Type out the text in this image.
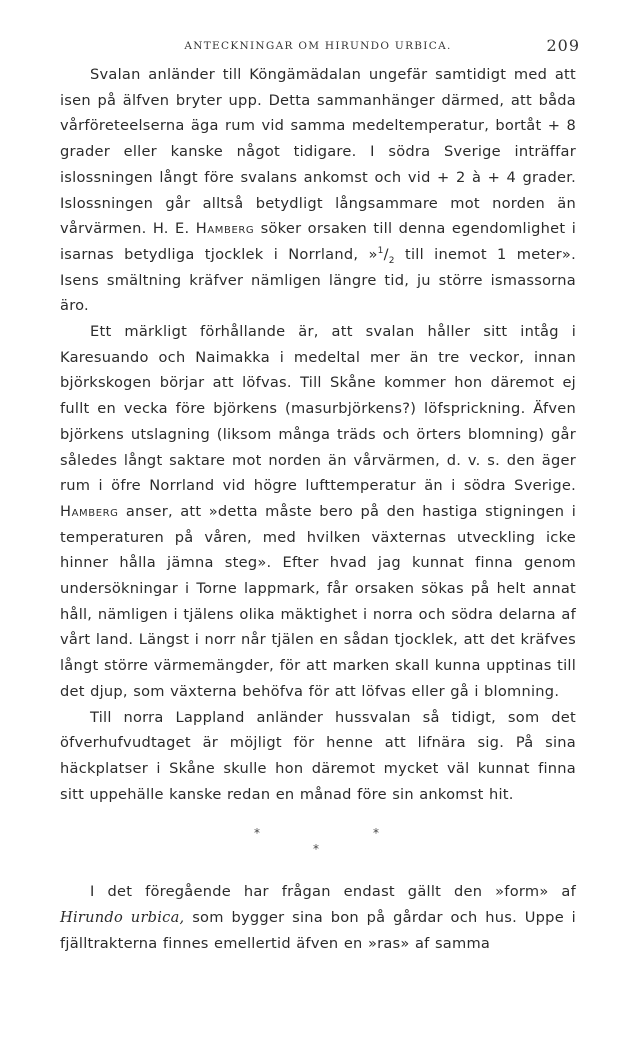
ANTECKNINGAR OM HIRUNDO URBICA.	209

Svalan anländer till Köngämädalan ungefär samtidigt med att isen på älfven bryter upp. Detta sammanhänger därmed, att båda vårföreteelserna äga rum vid samma medeltemperatur, bortåt + 8 grader eller kanske något tidigare. I södra Sverige inträffar islossningen långt före svalans ankomst och vid + 2 à + 4 grader. Islossningen går alltså betydligt långsammare mot norden än vårvärmen. H. E. Hamberg söker orsaken till denna egendomlighet i isarnas betydliga tjocklek i Norrland, $»^1/_2$ till inemot 1 meter». Isens smältning kräfver nämligen längre tid, ju större ismassorna äro.

Ett märkligt förhållande är, att svalan håller sitt intåg i Karesuando och Naimakka i medeltal mer än tre veckor, innan björkskogen börjar att löfvas. Till Skåne kommer hon däremot ej fullt en vecka före björkens (masurbjörkens?) löfsprickning. Äfven björkens utslagning (liksom många träds och örters blomning) går således långt saktare mot norden än vårvärmen, d. v. s. den äger rum i öfre Norrland vid högre lufttemperatur än i södra Sverige. Hamberg anser, att »detta måste bero på den hastiga stigningen i temperaturen på våren, med hvilken växternas utveckling icke hinner hålla jämna steg». Efter hvad jag kunnat finna genom undersökningar i Torne lappmark, får orsaken sökas på helt annat håll, nämligen i tjälens olika mäktighet i norra och södra delarna af vårt land. Längst i norr når tjälen en sådan tjocklek, att det kräfves långt större värmemängder, för att marken skall kunna upptinas till det djup, som växterna behöfva för att löfvas eller gå i blomning.

Till norra Lappland anländer hussvalan så tidigt, som det öfverhufvudtaget är möjligt för henne att lifnära sig. På sina häckplatser i Skåne skulle hon däremot mycket väl kunnat finna sitt uppehälle kanske redan en månad före sin ankomst hit.

*	*
*

I det föregående har frågan endast gällt den »form» af Hirundo urbica, som bygger sina bon på gårdar och hus. Uppe i fjälltrakterna finnes emellertid äfven en »ras» af samma
